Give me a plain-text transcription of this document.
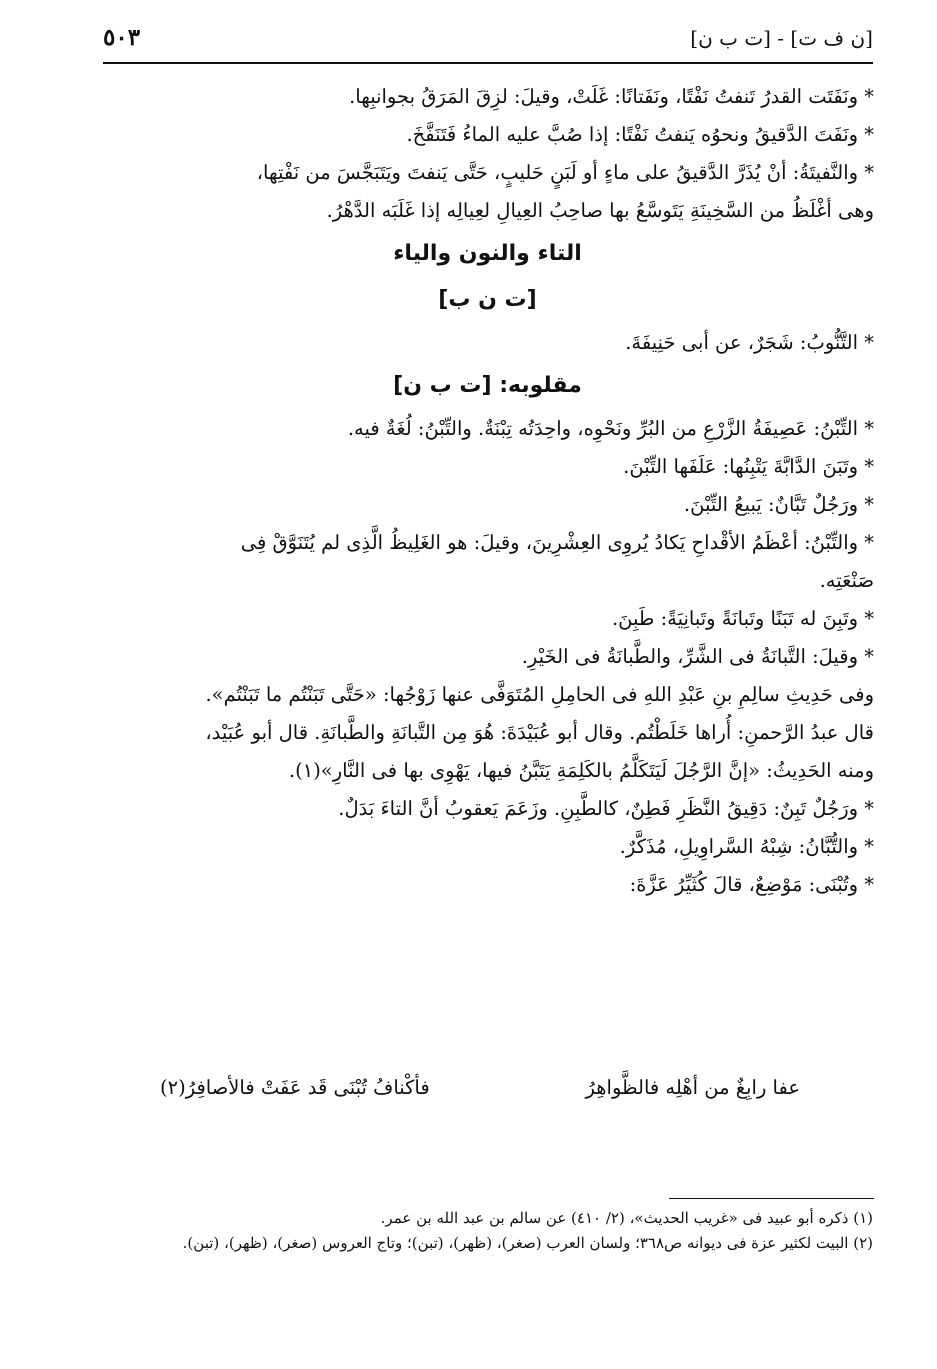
[ن ف ت] - [ت ب ن]
٥٠٣
* ونَفَتَت القدرُ تَنفتُ نَفْتًا، ونَفَتانًا: غَلَتْ، وقيلَ: لزِقَ المَرَقُ بجوانبِها.
* ونَفَتَ الدَّقيقُ ونحوُه يَنفتُ نَفْتًا: إذا صُبَّ عليه الماءُ فَتَنَفَّخَ.
* والنَّفيتَةُ: أنْ يُذَرَّ الدَّقيقُ على ماءٍ أو لَبَنٍ حَليبٍ، حَتَّى يَنفتَ ويَتَبَجَّسَ من نَفْتِها،
وهى أغْلَظُ من السَّخِينَةِ يَتَوسَّعُ بها صاحِبُ العِيالِ لعِيالِه إذا غَلَبَه الدَّهْرُ.
التاء والنون والياء
[ت ن ب]
* التَّنُّوبُ: شَجَرٌ، عن أبى حَنِيفَةَ.
مقلوبه: [ت ب ن]
* التِّبْنُ: عَصِيفَةُ الزَّرْعِ من البُرِّ ونَحْوِه، واحِدَتُه تِبْنَةٌ. والتِّبْنُ: لُغَةٌ فيه.
* وتَبَنَ الدَّابَّةَ يَتْبِنُها: عَلَفَها التِّبْنَ.
* ورَجُلٌ تَبَّانٌ: يَبيعُ التِّبْنَ.
* والتِّبْنُ: أعْظَمُ الأقْداحِ يَكادُ يُروِى العِشْرِينَ، وقيلَ: هو الغَلِيظُ الَّذِى لم يُتَنَوَّقْ فِى
صَنْعَتِه.
* وتَبِنَ له تَبَنًا وتَبانَةً وتَبانِيَةً: طَبِنَ.
* وقيلَ: التَّبانَةُ فى الشَّرِّ، والطَّبانَةُ فى الخَيْرِ.
وفى حَدِيثِ سالِمِ بنِ عَبْدِ اللهِ فى الحامِلِ المُتَوَفَّى عنها زَوْجُها: «حَتَّى تَبَنْتُم ما تَبَنْتُم».
قال عبدُ الرَّحمنِ: أُراها خَلَطْتُم. وقال أبو عُبَيْدَةَ: هُوَ مِن التَّبانَةِ والطَّبانَةِ. قال أبو عُبَيْد،
ومنه الحَدِيثُ: «إنَّ الرَّجُلَ لَيَتَكَلَّمُ بالكَلِمَةِ يَتَبَّنُ فيها، يَهْوِى بها فى النَّارِ»(١).
* ورَجُلٌ تَبِنٌ: دَقِيقُ النَّظَرِ فَطِنٌ، كالطَّبِنِ. وزَعَمَ يَعقوبُ أنَّ التاءَ بَدَلٌ.
* والتُّبَّانُ: شِبْهُ السَّراوِيلِ، مُذَكَّرٌ.
* وتُبْنَى: مَوْضِعٌ، قالَ كُثَيِّرُ عَزَّةَ:
عفا رابِغٌ من أهْلِه فالظَّواهِرُ
فأكْنافُ تُبْنَى قَد عَفَتْ فالأصافِرُ(٢)
(١) ذكره أبو عبيد فى «غريب الحديث»، (٢/ ٤١٠) عن سالم بن عبد الله بن عمر.
(٢) البيت لكثير عزة فى ديوانه ص٣٦٨؛ ولسان العرب (صغر)، (ظهر)، (تبن)؛ وتاج العروس (صغر)، (ظهر)، (تبن).
